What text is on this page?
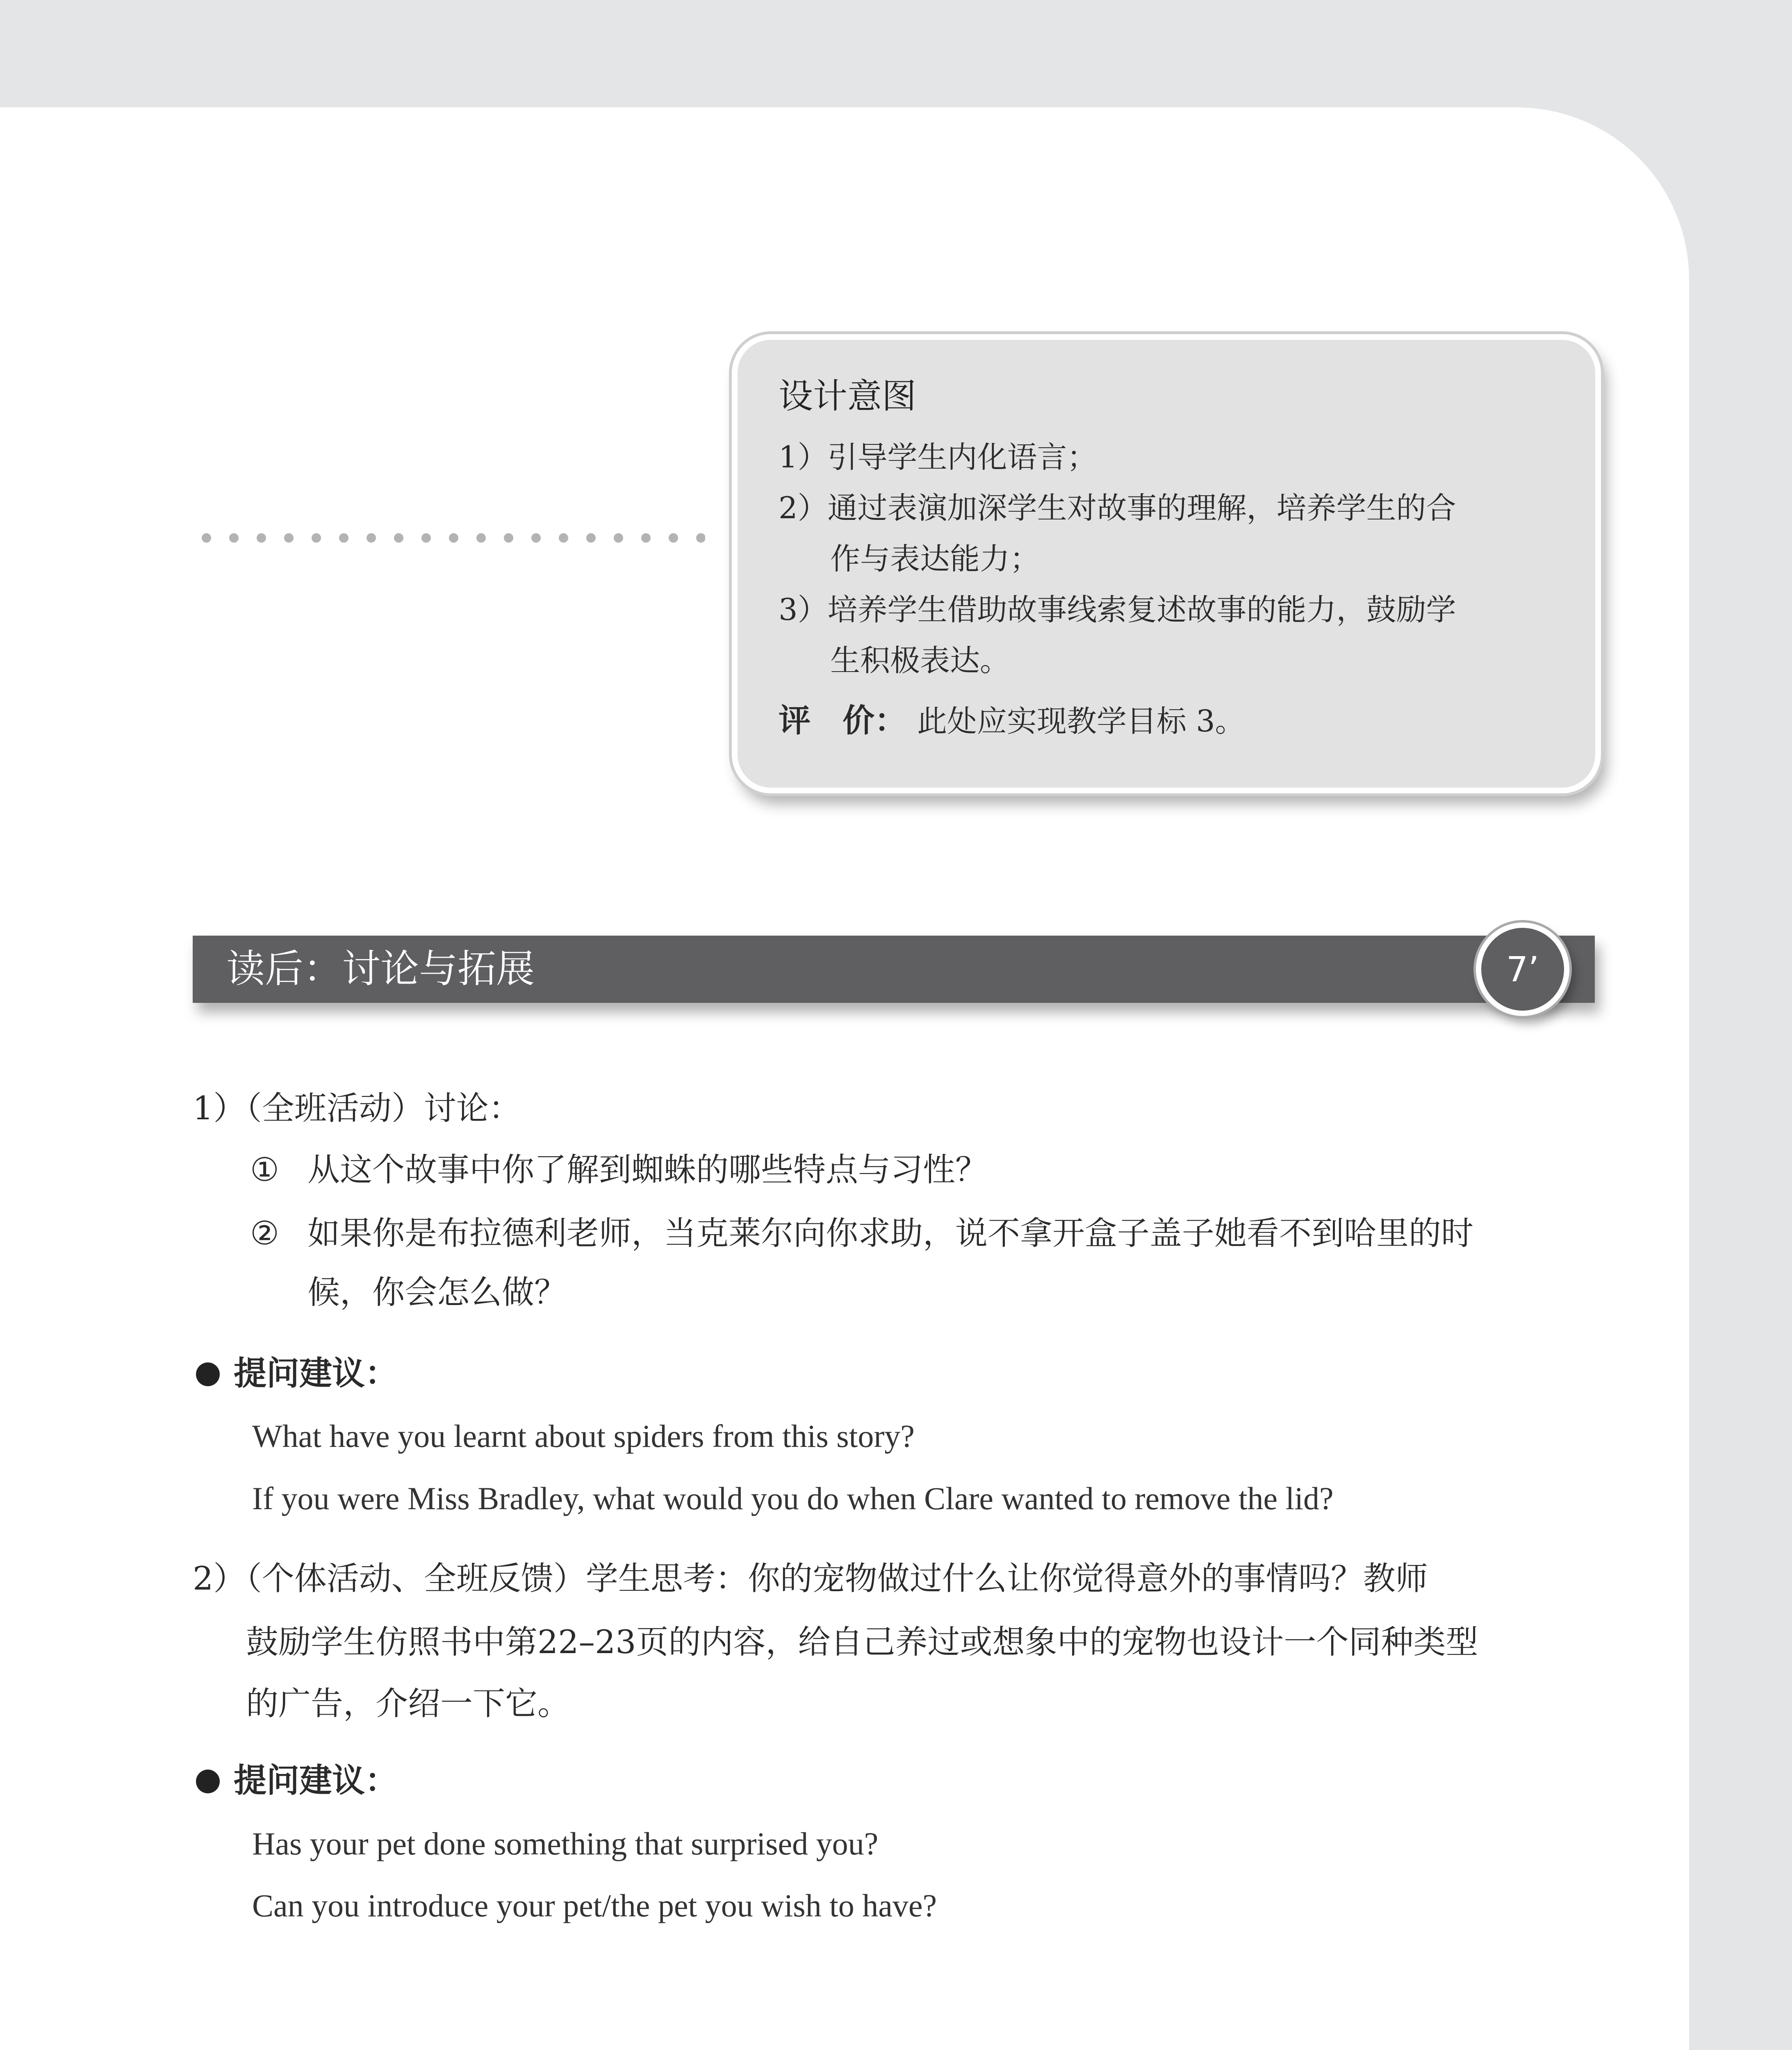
设计意图

1）引导学生内化语言；

2）通过表演加深学生对故事的理解，培养学生的合

作与表达能力；

3）培养学生借助故事线索复述故事的能力，鼓励学

生积极表达。

评　价： 此处应实现教学目标 3。

读后：讨论与拓展	7’

1）（全班活动）讨论：

① 从这个故事中你了解到蜘蛛的哪些特点与习性？

② 如果你是布拉德利老师，当克莱尔向你求助，说不拿开盒子盖子她看不到哈里的时

候，你会怎么做？

提问建议：

What have you learnt about spiders from this story?

If you were Miss Bradley, what would you do when Clare wanted to remove the lid?

2）（个体活动、全班反馈）学生思考：你的宠物做过什么让你觉得意外的事情吗？教师

鼓励学生仿照书中第22–23页的内容，给自己养过或想象中的宠物也设计一个同种类型

的广告，介绍一下它。

提问建议：

Has your pet done something that surprised you?

Can you introduce your pet/the pet you wish to have?
